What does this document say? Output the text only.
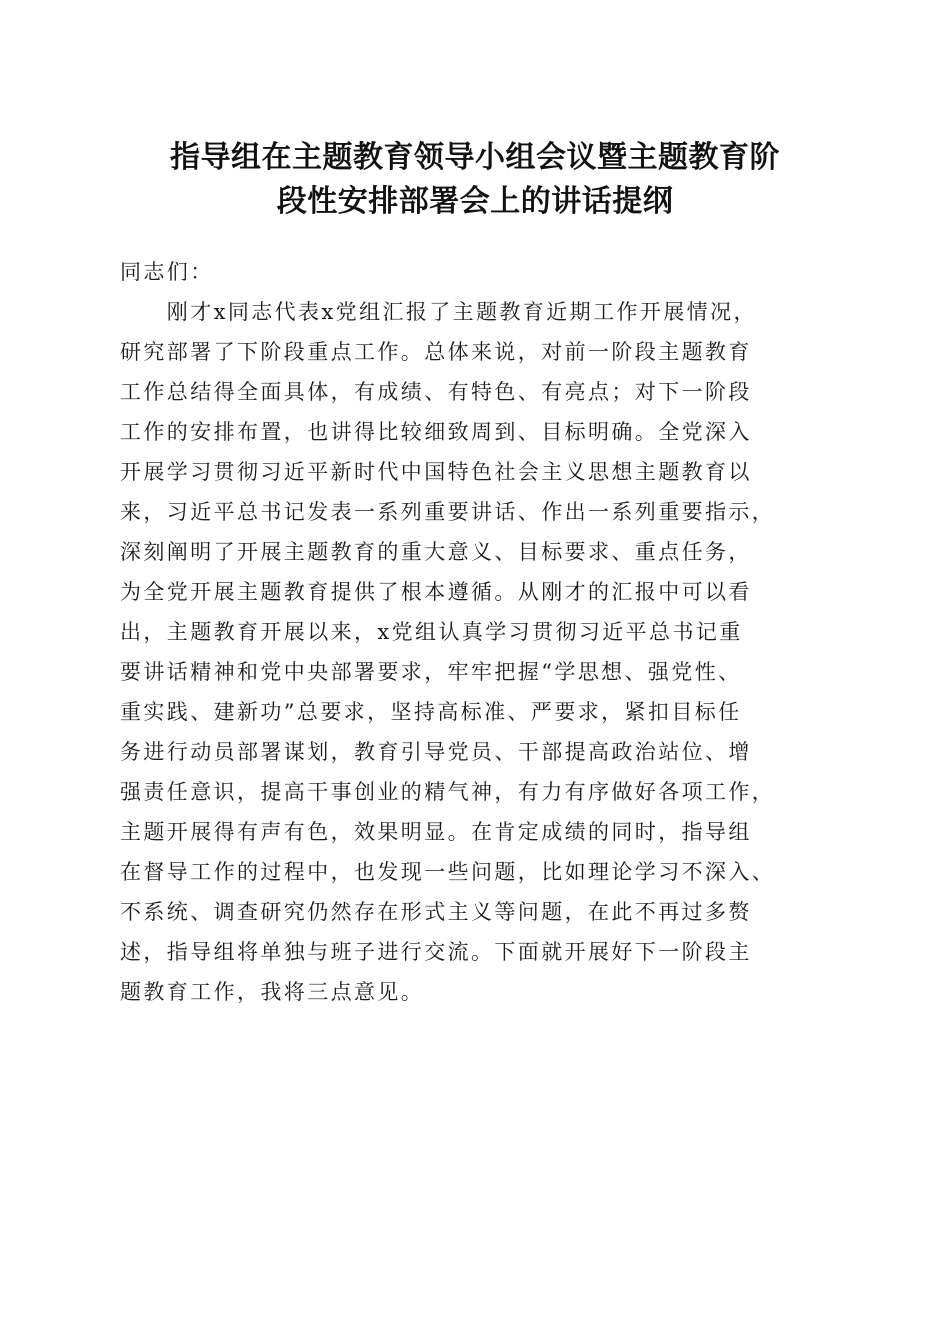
指导组在主题教育领导小组会议暨主题教育阶
段性安排部署会上的讲话提纲
同志们：
　　刚才x同志代表x党组汇报了主题教育近期工作开展情况，
研究部署了下阶段重点工作。总体来说，对前一阶段主题教育
工作总结得全面具体，有成绩、有特色、有亮点；对下一阶段
工作的安排布置，也讲得比较细致周到、目标明确。全党深入
开展学习贯彻习近平新时代中国特色社会主义思想主题教育以
来，习近平总书记发表一系列重要讲话、作出一系列重要指示，
深刻阐明了开展主题教育的重大意义、目标要求、重点任务，
为全党开展主题教育提供了根本遵循。从刚才的汇报中可以看
出，主题教育开展以来，x党组认真学习贯彻习近平总书记重
要讲话精神和党中央部署要求，牢牢把握“学思想、强党性、
重实践、建新功”总要求，坚持高标准、严要求，紧扣目标任
务进行动员部署谋划，教育引导党员、干部提高政治站位、增
强责任意识，提高干事创业的精气神，有力有序做好各项工作，
主题开展得有声有色，效果明显。在肯定成绩的同时，指导组
在督导工作的过程中，也发现一些问题，比如理论学习不深入、
不系统、调查研究仍然存在形式主义等问题，在此不再过多赘
述，指导组将单独与班子进行交流。下面就开展好下一阶段主
题教育工作，我将三点意见。
